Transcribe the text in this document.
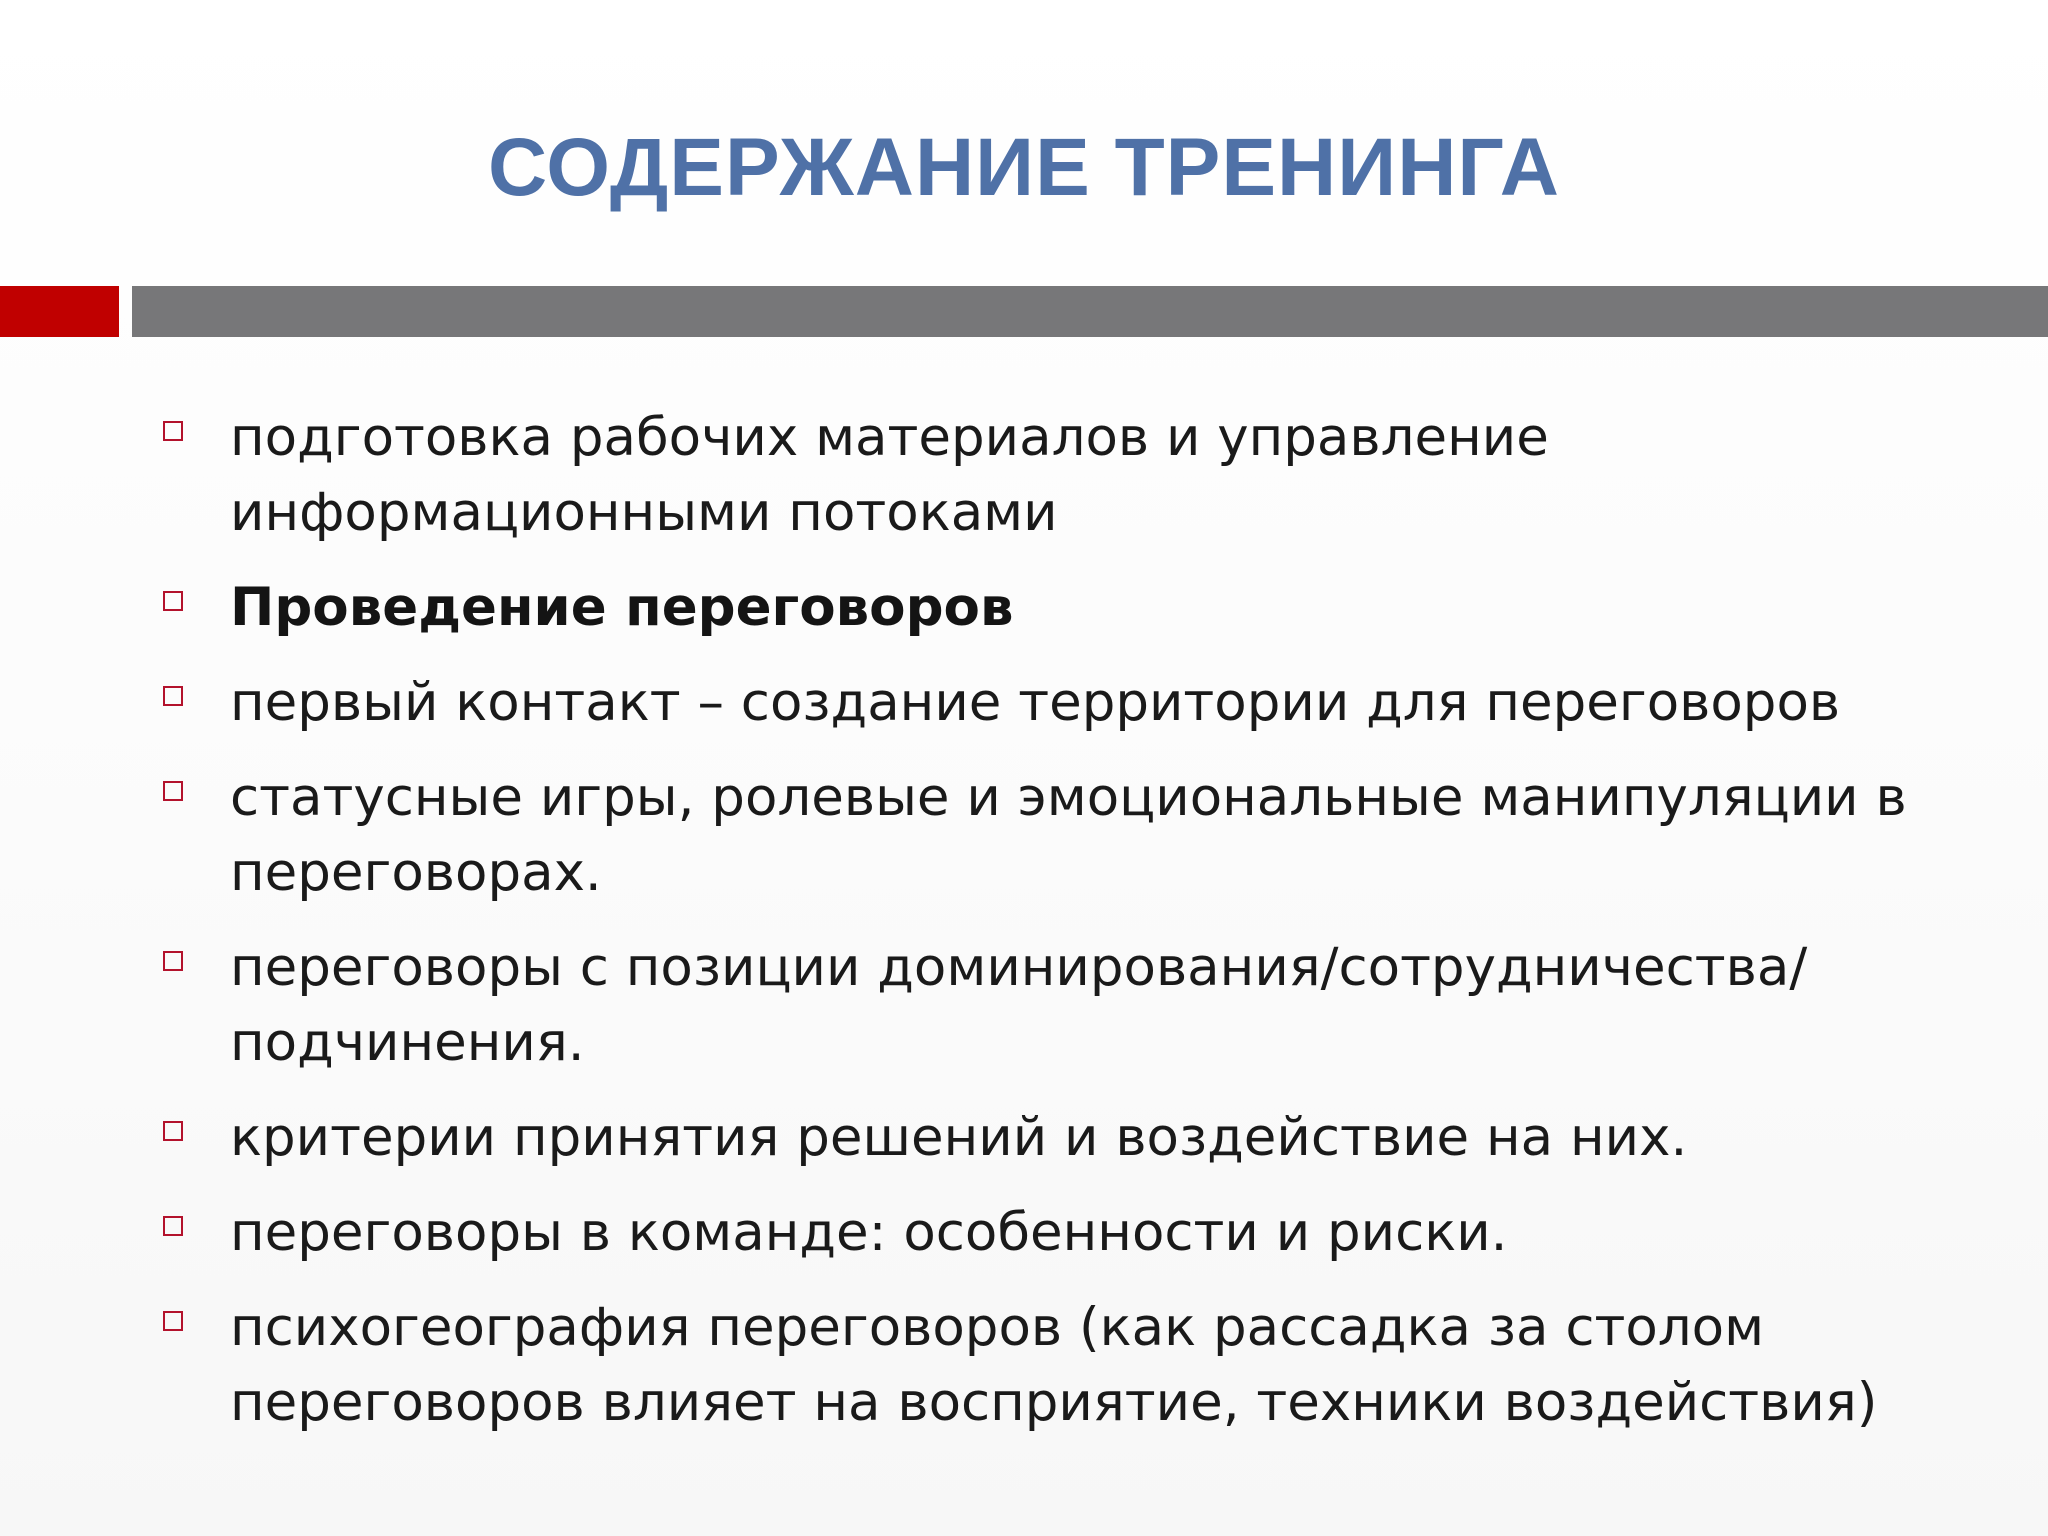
СОДЕРЖАНИЕ ТРЕНИНГА
подготовка рабочих материалов и управление информационными потоками
Проведение переговоров
первый контакт – создание территории для переговоров
статусные игры, ролевые и эмоциональные манипуляции в переговорах.
переговоры с позиции доминирования/сотрудничества/подчинения.
критерии принятия решений и воздействие на них.
переговоры в команде: особенности и риски.
психогеография переговоров (как рассадка за столом переговоров влияет на восприятие, техники воздействия)
